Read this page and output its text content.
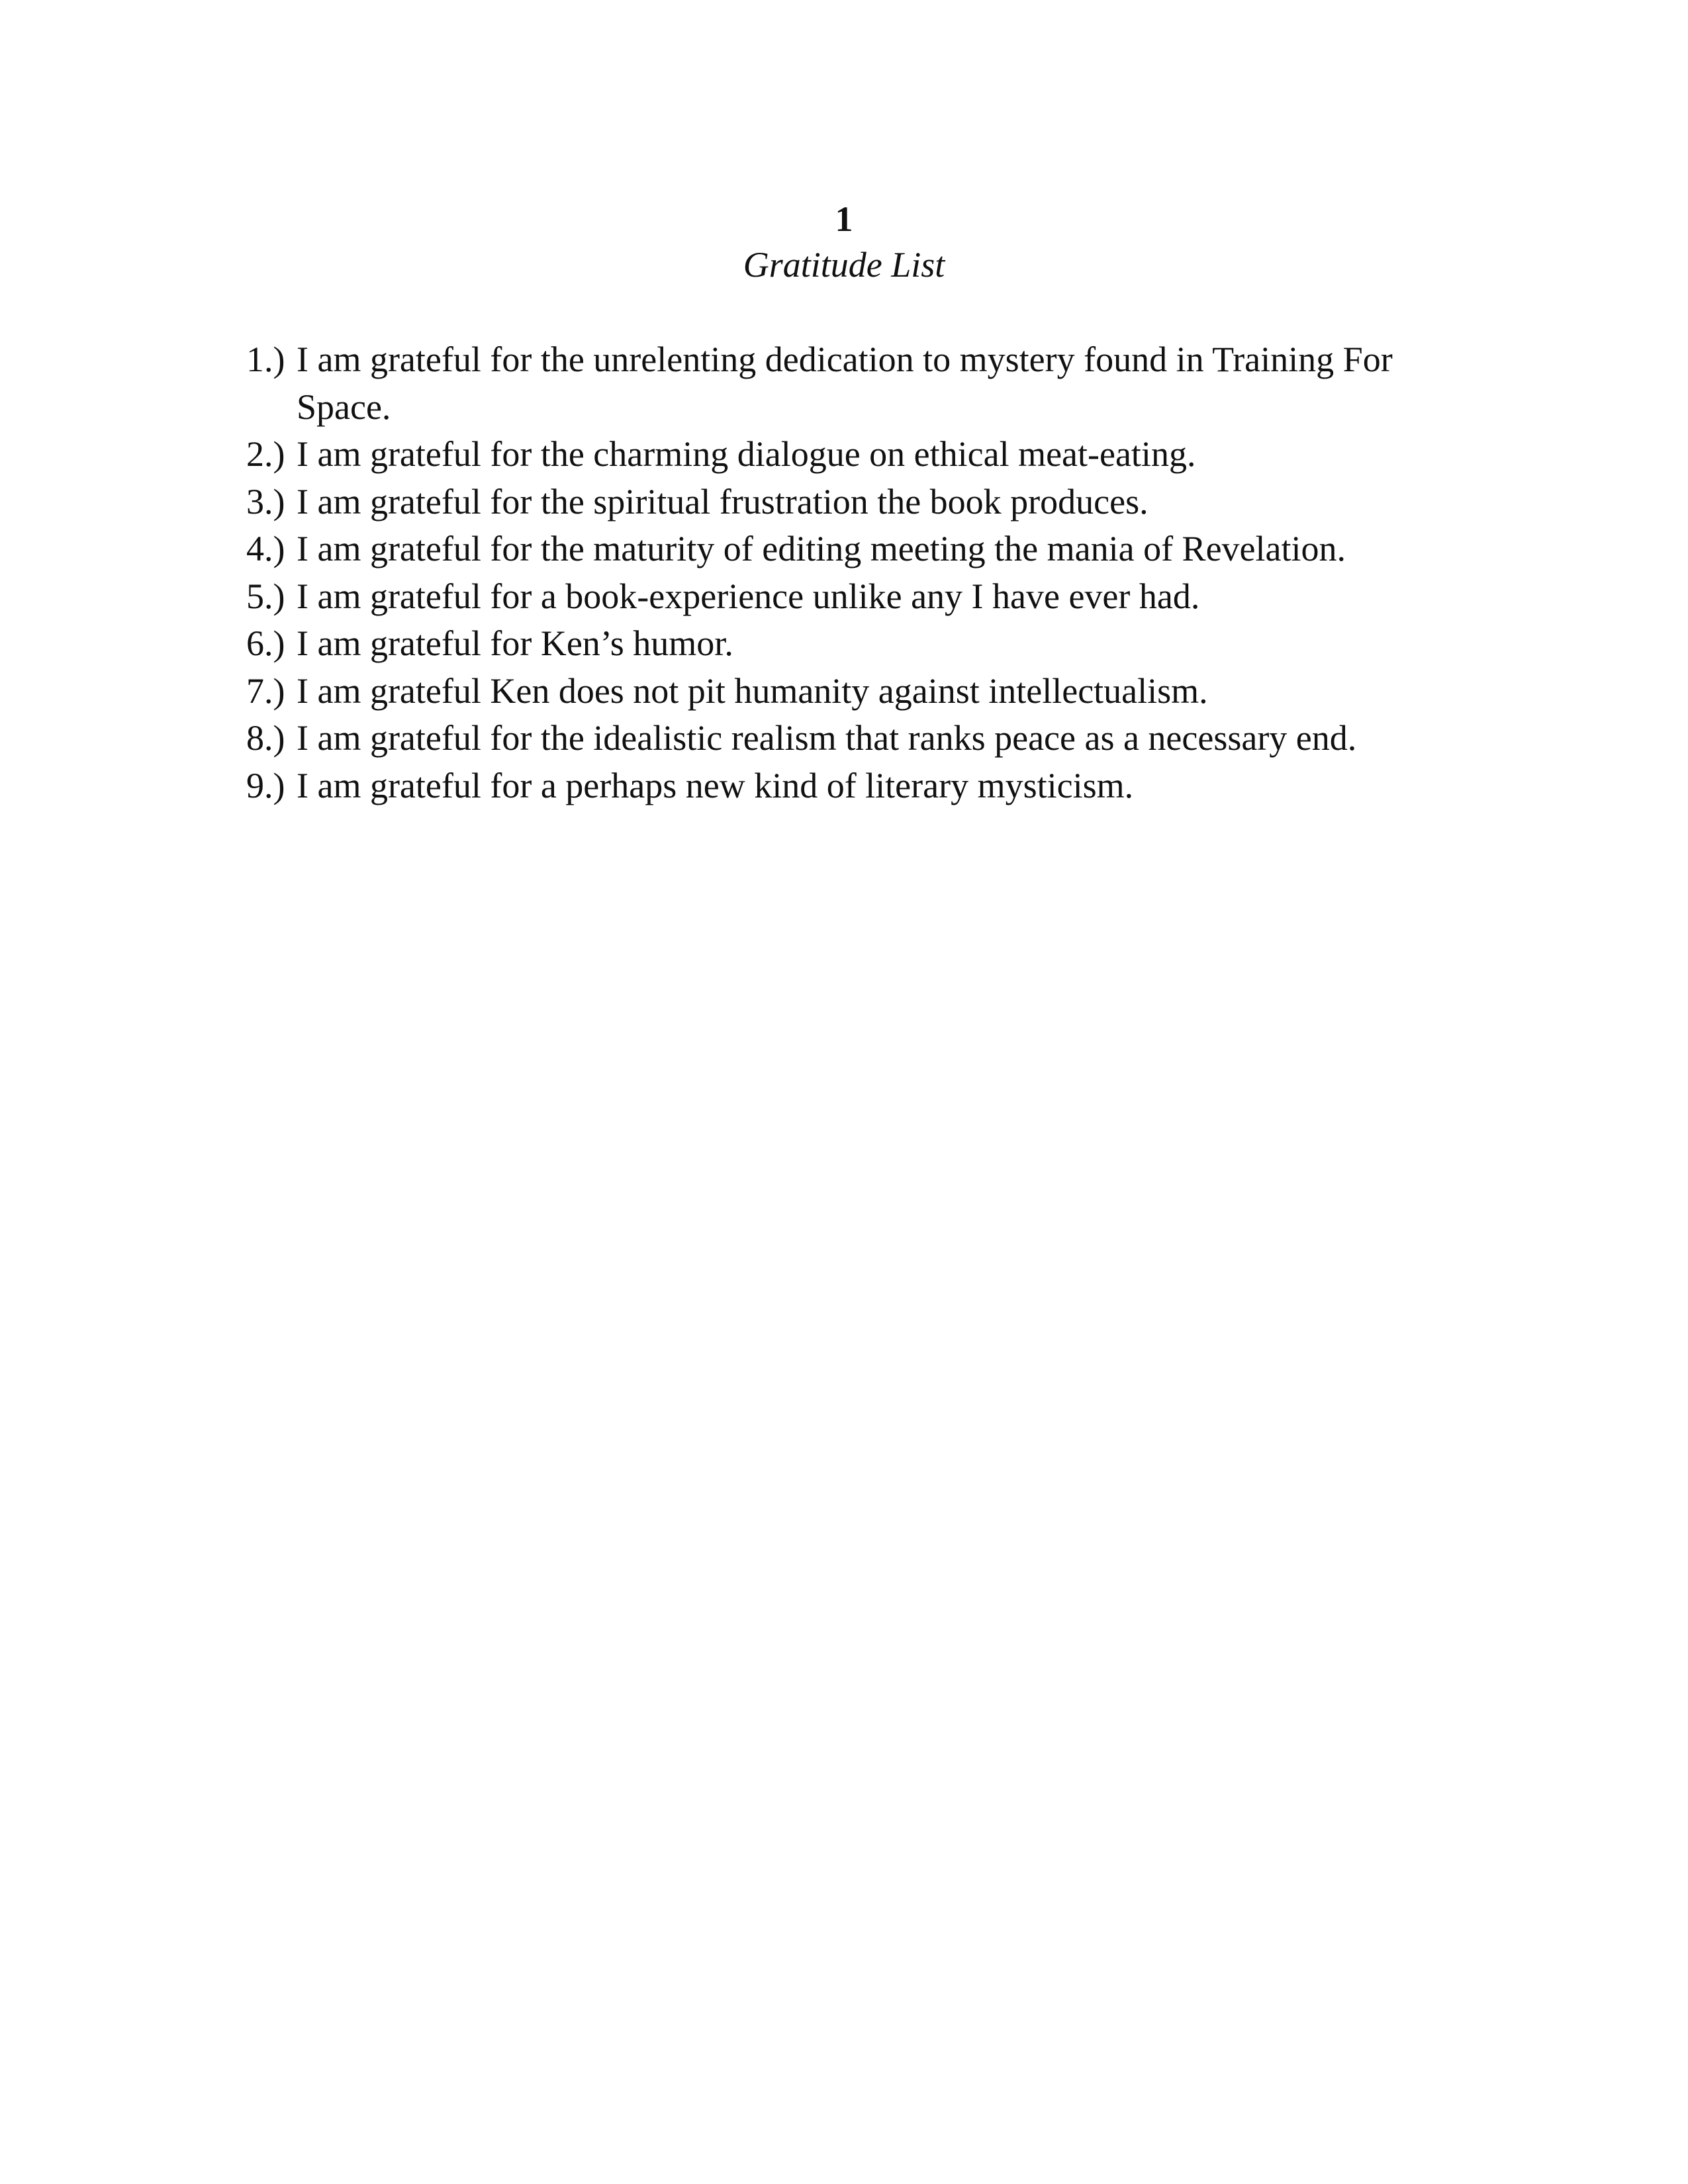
1
Gratitude List
1.) I am grateful for the unrelenting dedication to mystery found in Training For Space.
2.) I am grateful for the charming dialogue on ethical meat-eating.
3.) I am grateful for the spiritual frustration the book produces.
4.) I am grateful for the maturity of editing meeting the mania of Revelation.
5.) I am grateful for a book-experience unlike any I have ever had.
6.) I am grateful for Ken’s humor.
7.) I am grateful Ken does not pit humanity against intellectualism.
8.) I am grateful for the idealistic realism that ranks peace as a necessary end.
9.) I am grateful for a perhaps new kind of literary mysticism.
